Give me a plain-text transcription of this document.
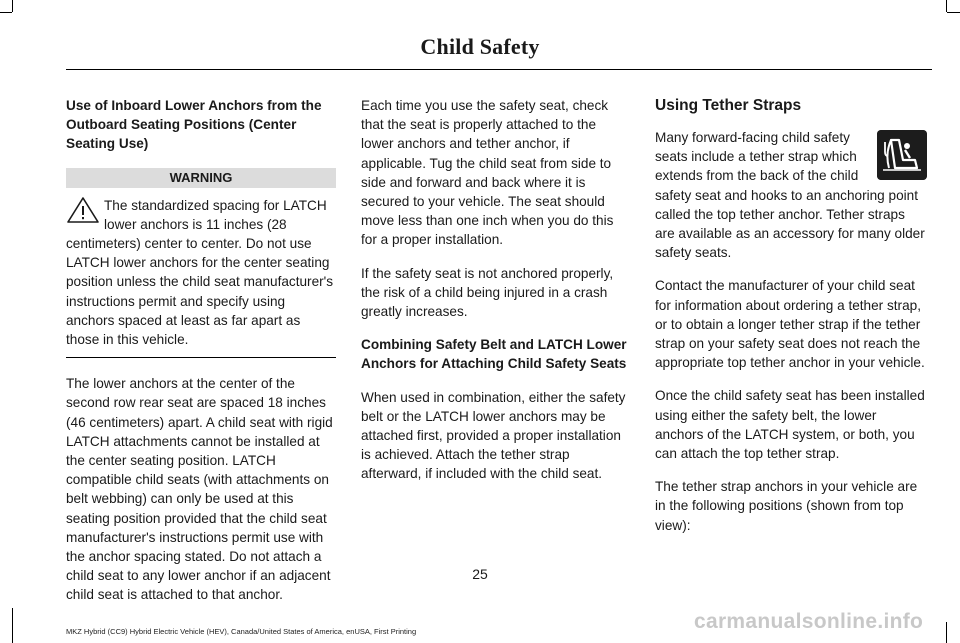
Child Safety

Use of Inboard Lower Anchors from the Outboard Seating Positions (Center Seating Use)

WARNING
The standardized spacing for LATCH lower anchors is 11 inches (28 centimeters) center to center. Do not use LATCH lower anchors for the center seating position unless the child seat manufacturer's instructions permit and specify using anchors spaced at least as far apart as those in this vehicle.

The lower anchors at the center of the second row rear seat are spaced 18 inches (46 centimeters) apart. A child seat with rigid LATCH attachments cannot be installed at the center seating position. LATCH compatible child seats (with attachments on belt webbing) can only be used at this seating position provided that the child seat manufacturer's instructions permit use with the anchor spacing stated. Do not attach a child seat to any lower anchor if an adjacent child seat is attached to that anchor.

Each time you use the safety seat, check that the seat is properly attached to the lower anchors and tether anchor, if applicable. Tug the child seat from side to side and forward and back where it is secured to your vehicle. The seat should move less than one inch when you do this for a proper installation.

If the safety seat is not anchored properly, the risk of a child being injured in a crash greatly increases.

Combining Safety Belt and LATCH Lower Anchors for Attaching Child Safety Seats

When used in combination, either the safety belt or the LATCH lower anchors may be attached first, provided a proper installation is achieved. Attach the tether strap afterward, if included with the child seat.

Using Tether Straps

Many forward-facing child safety seats include a tether strap which extends from the back of the child safety seat and hooks to an anchoring point called the top tether anchor. Tether straps are available as an accessory for many older safety seats.

Contact the manufacturer of your child seat for information about ordering a tether strap, or to obtain a longer tether strap if the tether strap on your safety seat does not reach the appropriate top tether anchor in your vehicle.

Once the child safety seat has been installed using either the safety belt, the lower anchors of the LATCH system, or both, you can attach the top tether strap.

The tether strap anchors in your vehicle are in the following positions (shown from top view):

25
MKZ Hybrid (CC9) Hybrid Electric Vehicle (HEV), Canada/United States of America, enUSA, First Printing	carmanualsonline.info
